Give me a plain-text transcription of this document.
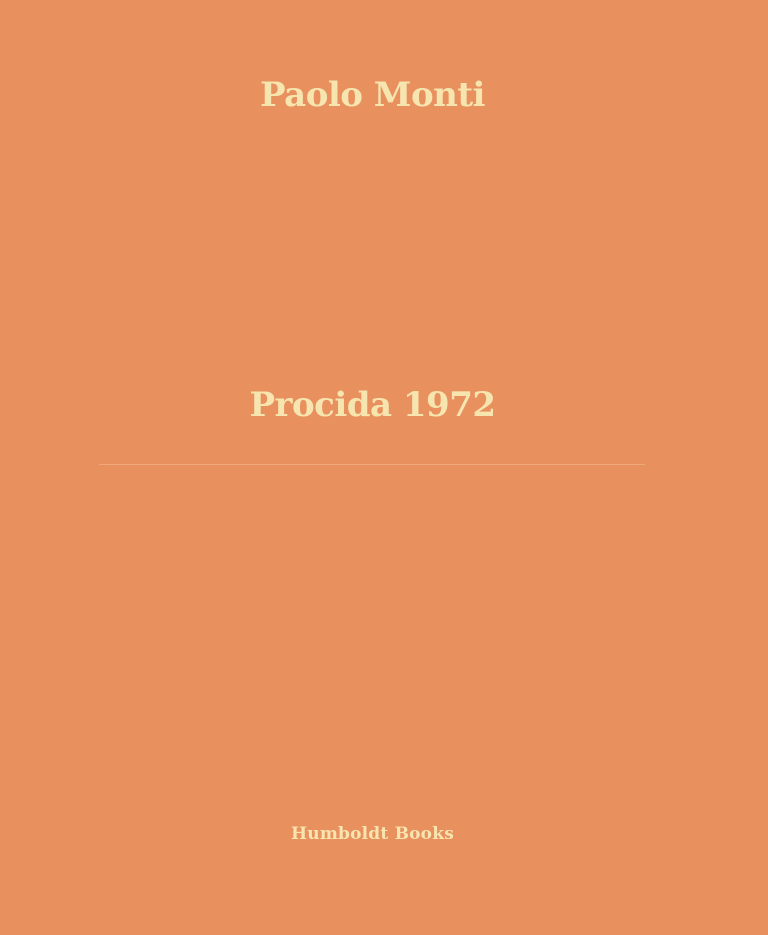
Paolo Monti
Procida 1972
Humboldt Books
